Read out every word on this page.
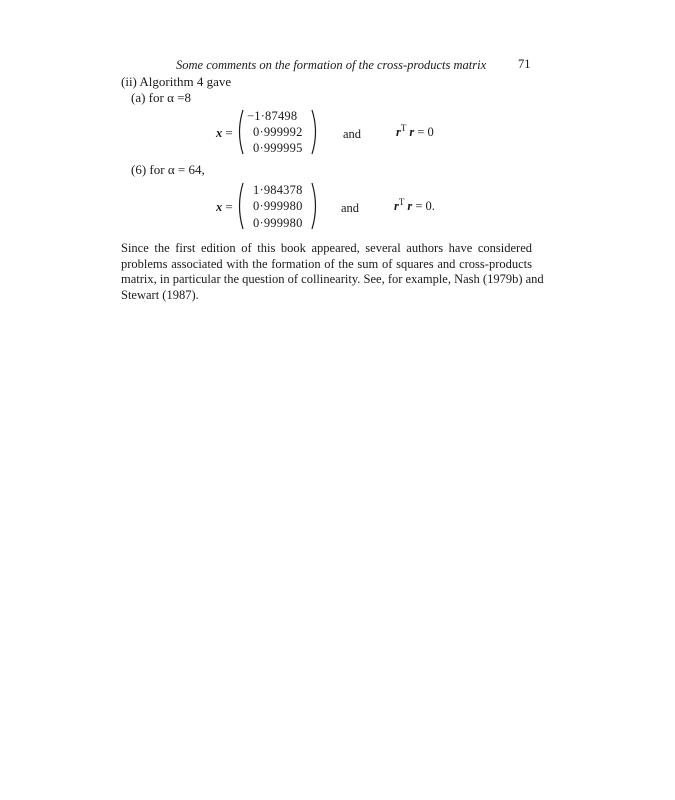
Some comments on the formation of the cross-products matrix	71
(ii) Algorithm 4 gave
(a) for α =8
x =
−1·87498
0·999992
0·999995
and	$r^T$ r = 0
(6) for α = 64,
x =
1·984378
0·999980
0·999980
and	$r^T$ r = 0.
Since the first edition of this book appeared, several authors have considered
problems associated with the formation of the sum of squares and cross-products
matrix, in particular the question of collinearity. See, for example, Nash (1979b) and
Stewart (1987).
